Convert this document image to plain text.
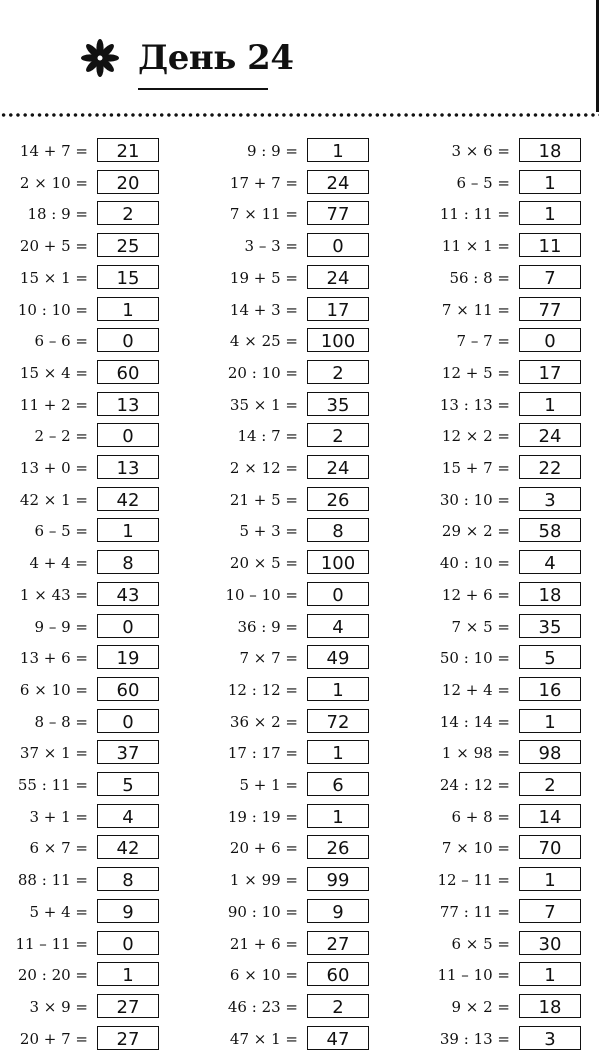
День 24
14 + 7 =	21
2 × 10 =	20
18 : 9 =	2
20 + 5 =	25
15 × 1 =	15
10 : 10 =	1
6 – 6 =	0
15 × 4 =	60
11 + 2 =	13
2 – 2 =	0
13 + 0 =	13
42 × 1 =	42
6 – 5 =	1
4 + 4 =	8
1 × 43 =	43
9 – 9 =	0
13 + 6 =	19
6 × 10 =	60
8 – 8 =	0
37 × 1 =	37
55 : 11 =	5
3 + 1 =	4
6 × 7 =	42
88 : 11 =	8
5 + 4 =	9
11 – 11 =	0
20 : 20 =	1
3 × 9 =	27
20 + 7 =	27
9 : 9 =	1
17 + 7 =	24
7 × 11 =	77
3 – 3 =	0
19 + 5 =	24
14 + 3 =	17
4 × 25 =	100
20 : 10 =	2
35 × 1 =	35
14 : 7 =	2
2 × 12 =	24
21 + 5 =	26
5 + 3 =	8
20 × 5 =	100
10 – 10 =	0
36 : 9 =	4
7 × 7 =	49
12 : 12 =	1
36 × 2 =	72
17 : 17 =	1
5 + 1 =	6
19 : 19 =	1
20 + 6 =	26
1 × 99 =	99
90 : 10 =	9
21 + 6 =	27
6 × 10 =	60
46 : 23 =	2
47 × 1 =	47
3 × 6 =	18
6 – 5 =	1
11 : 11 =	1
11 × 1 =	11
56 : 8 =	7
7 × 11 =	77
7 – 7 =	0
12 + 5 =	17
13 : 13 =	1
12 × 2 =	24
15 + 7 =	22
30 : 10 =	3
29 × 2 =	58
40 : 10 =	4
12 + 6 =	18
7 × 5 =	35
50 : 10 =	5
12 + 4 =	16
14 : 14 =	1
1 × 98 =	98
24 : 12 =	2
6 + 8 =	14
7 × 10 =	70
12 – 11 =	1
77 : 11 =	7
6 × 5 =	30
11 – 10 =	1
9 × 2 =	18
39 : 13 =	3
